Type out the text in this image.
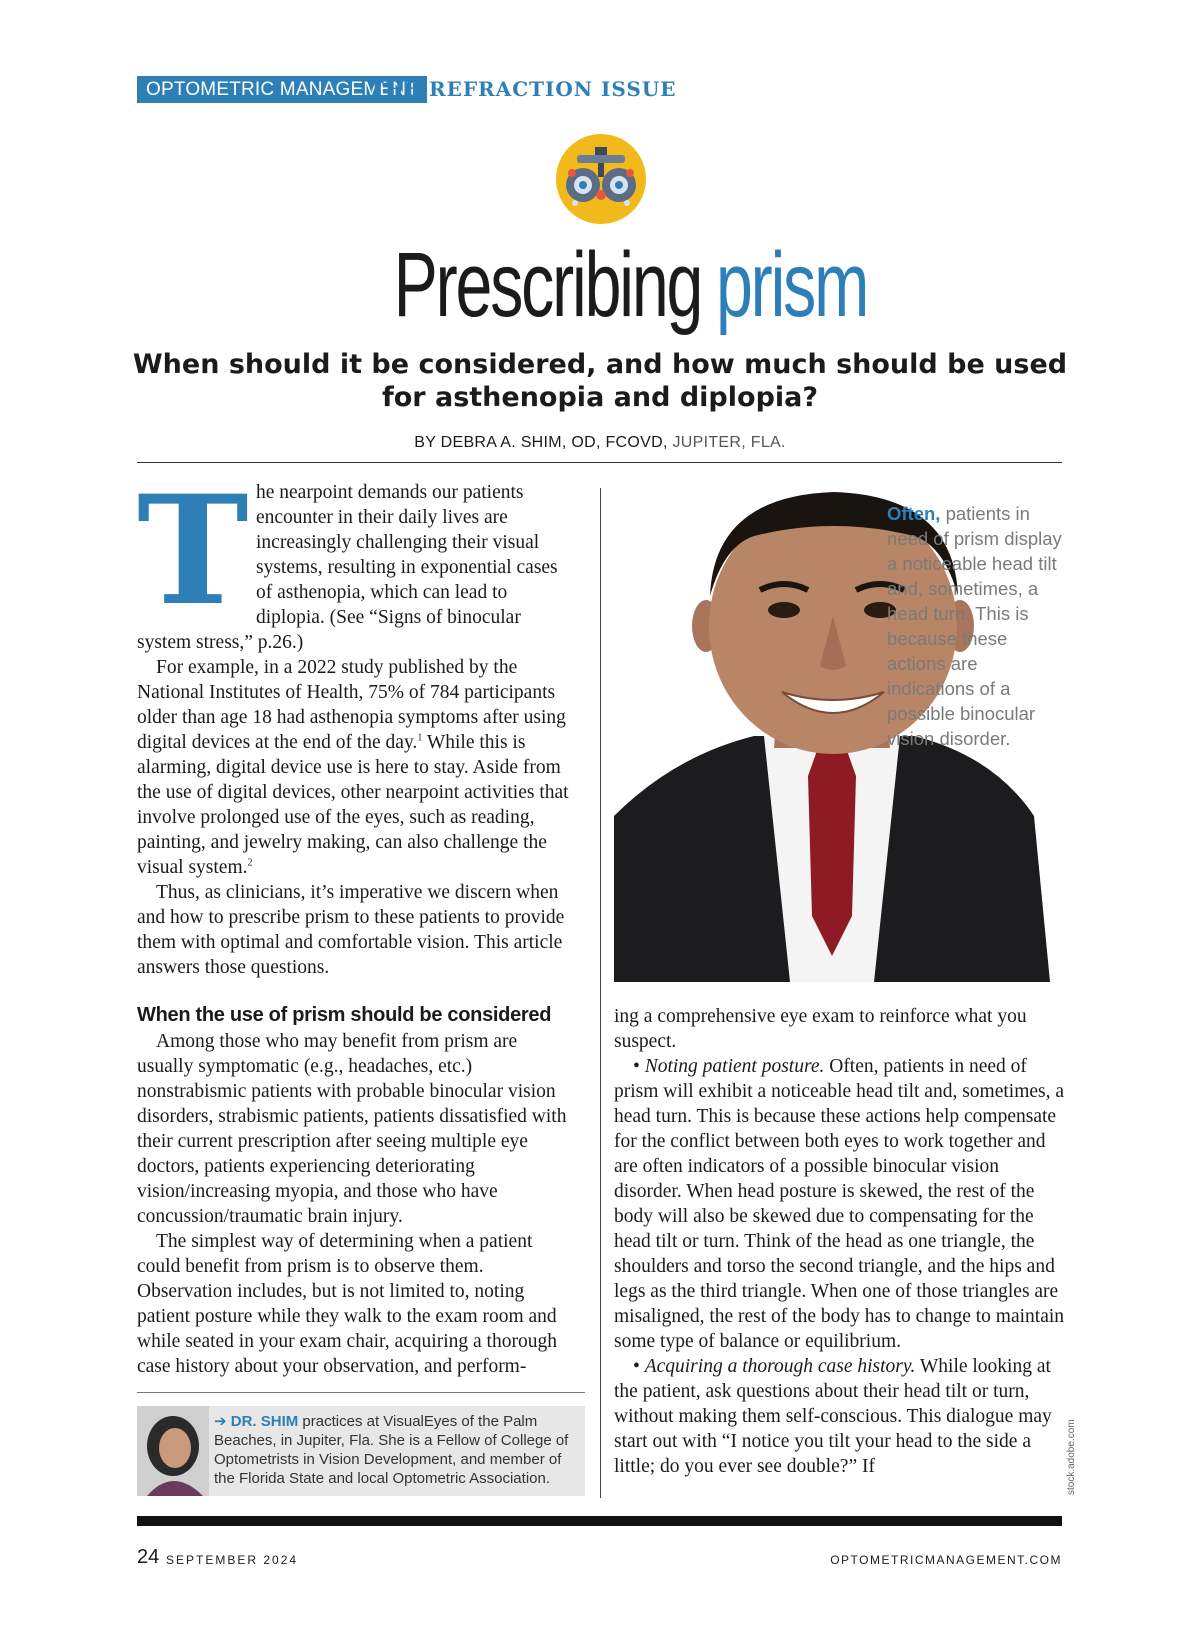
OPTOMETRIC MANAGEMENT
THE REFRACTION ISSUE
Prescribing prism
When should it be considered, and how much should be used for asthenopia and diplopia?
BY DEBRA A. SHIM, OD, FCOVD, JUPITER, FLA.
T he nearpoint demands our patients encounter in their daily lives are increasingly challenging their visual systems, resulting in exponential cases of asthenopia, which can lead to diplopia. (See “Signs of binocular

system stress,” p.26.)

For example, in a 2022 study published by the National Institutes of Health, 75% of 784 participants older than age 18 had asthenopia symptoms after using digital devices at the end of the day.$^1$ While this is alarming, digital device use is here to stay. Aside from the use of digital devices, other nearpoint activities that involve prolonged use of the eyes, such as reading, painting, and jewelry making, can also challenge the visual system.$^2$

Thus, as clinicians, it’s imperative we discern when and how to prescribe prism to these patients to provide them with optimal and comfortable vision. This article answers those questions.

When the use of prism should be considered

Among those who may benefit from prism are usually symptomatic (e.g., headaches, etc.) nonstrabismic patients with probable binocular vision disorders, strabismic patients, patients dissatisfied with their current prescription after seeing multiple eye doctors, patients experiencing deteriorating vision/increasing myopia, and those who have concussion/traumatic brain injury.

The simplest way of determining when a patient could benefit from prism is to observe them. Observation includes, but is not limited to, noting patient posture while they walk to the exam room and while seated in your exam chair, acquiring a thorough case history about your observation, and perform-

➔ DR. SHIM practices at VisualEyes of the Palm Beaches, in Jupiter, Fla. She is a Fellow of College of Optometrists in Vision Development, and member of the Florida State and local Optometric Association.
Often, patients in need of prism display a noticeable head tilt and, sometimes, a head turn. This is because these actions are indications of a possible binocular vision disorder.

ing a comprehensive eye exam to reinforce what you suspect.

• Noting patient posture. Often, patients in need of prism will exhibit a noticeable head tilt and, sometimes, a head turn. This is because these actions help compensate for the conflict between both eyes to work together and are often indicators of a possible binocular vision disorder. When head posture is skewed, the rest of the body will also be skewed due to compensating for the head tilt or turn. Think of the head as one triangle, the shoulders and torso the second triangle, and the hips and legs as the third triangle. When one of those triangles are misaligned, the rest of the body has to change to maintain some type of balance or equilibrium.

• Acquiring a thorough case history. While looking at the patient, ask questions about their head tilt or turn, without making them self-conscious. This dialogue may start out with “I notice you tilt your head to the side a little; do you ever see double?” If	stock.adobe.com
24 SEPTEMBER 2024	OPTOMETRICMANAGEMENT.COM
